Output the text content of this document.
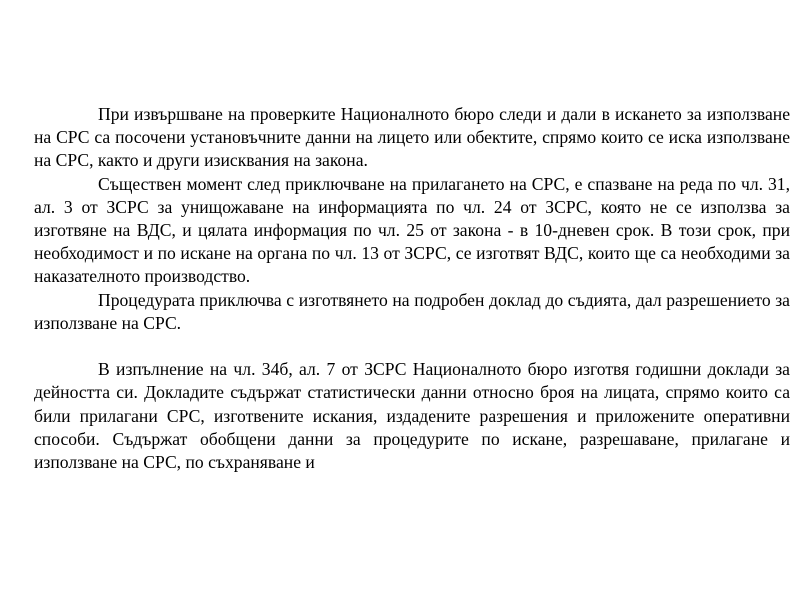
При извършване на проверките Националното бюро следи и дали в искането за използване на СРС са посочени установъчните данни на лицето или обектите, спрямо които се иска използване на СРС, както и други изисквания на закона.

Съществен момент след приключване на прилагането на СРС, е спазване на реда по чл. 31, ал. 3 от ЗСРС за унищожаване на информацията по чл. 24 от ЗСРС, която не се използва за изготвяне на ВДС, и цялата информация по чл. 25 от закона - в 10-дневен срок. В този срок, при необходимост и по искане на органа по чл. 13 от ЗСРС, се изготвят ВДС, които ще са необходими за наказателното производство.

Процедурата приключва с изготвянето на подробен доклад до съдията, дал разрешението за използване на СРС.

В изпълнение на чл. 34б, ал. 7 от ЗСРС Националното бюро изготвя годишни доклади за дейността си. Докладите съдържат статистически данни относно броя на лицата, спрямо които са били прилагани СРС, изготвените искания, издадените разрешения и приложените оперативни способи. Съдържат обобщени данни за процедурите по искане, разрешаване, прилагане и използване на СРС, по съхраняване и
